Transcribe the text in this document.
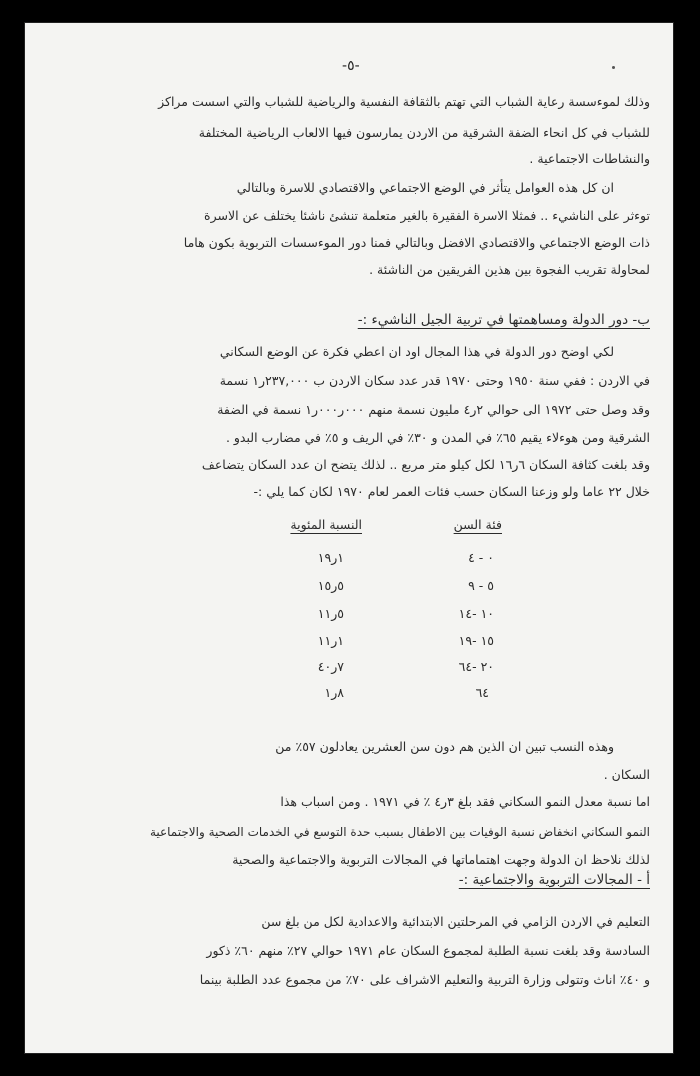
-٥-
وذلك لموءسسة رعاية الشباب التي تهتم بالثقافة النفسية والرياضية للشباب والتي اسست مراكز
للشباب في كل انحاء الضفة الشرقية من الاردن يمارسون فيها الالعاب الرياضية المختلفة
والنشاطات الاجتماعية .
ان كل هذه العوامل يتأثر في الوضع الاجتماعي والاقتصادي للاسرة وبالتالي
توءثر على الناشيء .. فمثلا الاسرة الفقيرة بالغير متعلمة تنشئ ناشئا يختلف عن الاسرة
ذات الوضع الاجتماعي والاقتصادي الافضل وبالتالي فمنا دور الموءسسات التربوية بكون هاما
لمحاولة تقريب الفجوة بين هذين الفريقين من الناشئة .
ب- دور الدولة ومساهمتها في تربية الجيل الناشيء :-
لكي اوضح دور الدولة في هذا المجال اود ان اعطي فكرة عن الوضع السكاني
في الاردن : ففي سنة ١٩٥٠ وحتى ١٩٧٠ قدر عدد سكان الاردن ب ٢٣٧,٠٠٠ر١ نسمة
وقد وصل حتى ١٩٧٢ الى حوالي ٢ر٤ مليون نسمة منهم ٠٠٠ر٠٠٠ر١ نسمة في الضفة
الشرقية ومن هوءلاء يقيم ٦٥٪ في المدن و ٣٠٪ في الريف و ٥٪ في مضارب البدو .
وقد بلغت كثافة السكان ٦ر١٦ لكل كيلو متر مربع .. لذلك يتضح ان عدد السكان يتضاعف
خلال ٢٢ عاما ولو وزعنا السكان حسب فئات العمر لعام ١٩٧٠ لكان كما يلي :-
فئة السن
النسبة المئوية
٠ - ٤
١ر١٩
٥ - ٩
٥ر١٥
١٠ -١٤
٥ر١١
١٥ -١٩
١ر١١
٢٠ -٦٤
٧ر٤٠
٦٤
٨ر١
وهذه النسب تبين ان الذين هم دون سن العشرين يعادلون ٥٧٪ من
السكان .
اما نسبة معدل النمو السكاني فقد بلغ ٣ر٤ ٪ في ١٩٧١ . ومن اسباب هذا
النمو السكاني انخفاض نسبة الوفيات بين الاطفال بسبب حدة التوسع في الخدمات الصحية والاجتماعية
لذلك نلاحظ ان الدولة وجهت اهتماماتها في المجالات التربوية والاجتماعية والصحية
أ - المجالات التربوية والاجتماعية :-
التعليم في الاردن الزامي في المرحلتين الابتدائية والاعدادية لكل من بلغ سن
السادسة وقد بلغت نسبة الطلبة لمجموع السكان عام ١٩٧١ حوالي ٢٧٪ منهم ٦٠٪ ذكور
و ٤٠٪ اناث وتتولى وزارة التربية والتعليم الاشراف على ٧٠٪ من مجموع عدد الطلبة بينما
